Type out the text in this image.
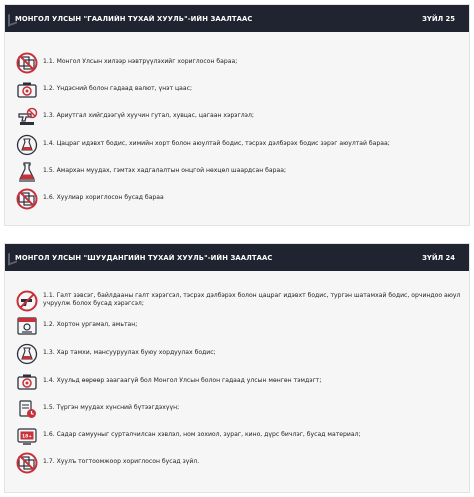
МОНГОЛ УЛСЫН "ГААЛИЙН ТУХАЙ ХУУЛЬ"-ИЙН ЗААЛТААС	ЗҮЙЛ 25
1.1. Монгол Улсын хилээр нэвтрүүлэхийг хориглосон бараа;
1.2. Үндэсний болон гадаад валют, үнэт цаас;
1.3. Ариутгал хийгдээгүй хуучин гутал, хувцас, цагаан хэрэглэл;
1.4. Цацраг идэвхт бодис, химийн хорт болон аюултай бодис, тэсрэх дэлбэрэх бодис зэрэг аюултай бараа;
1.5. Амархан муудах, гэмтэх хадгалалтын онцгой нөхцөл шаардсан бараа;
1.6. Хуулиар хориглосон бусад бараа
МОНГОЛ УЛСЫН "ШУУДАНГИЙН ТУХАЙ ХУУЛЬ"-ИЙН ЗААЛТААС	ЗҮЙЛ 24
1.1. Галт зэвсэг, байлдааны галт хэрэгсэл, тэсрэх дэлбэрэх болон цацраг идэвхт бодис, тургэн шатамхай бодис, орчиндоо аюул учруулж болох бусад хэрэгсэл;
1.2. Хортон ургамал, амьтан;
1.3. Хар тамхи, мансууруулах буюу хордуулах бодис;
1.4. Хуульд өөрөөр заагаагүй бол Монгол Улсын болон гадаад улсын мөнгөн тэмдэгт;
1.5. Түргэн муудах хүнсний бүтээгдэхүүн;
18+ 1.6. Садар самууныг сурталчилсан хэвлэл, ном зохиол, зураг, кино, дүрс бичлэг, бусад материал;
1.7. Хуулъ тогтоомжоор хориглосон бусад зүйл.
